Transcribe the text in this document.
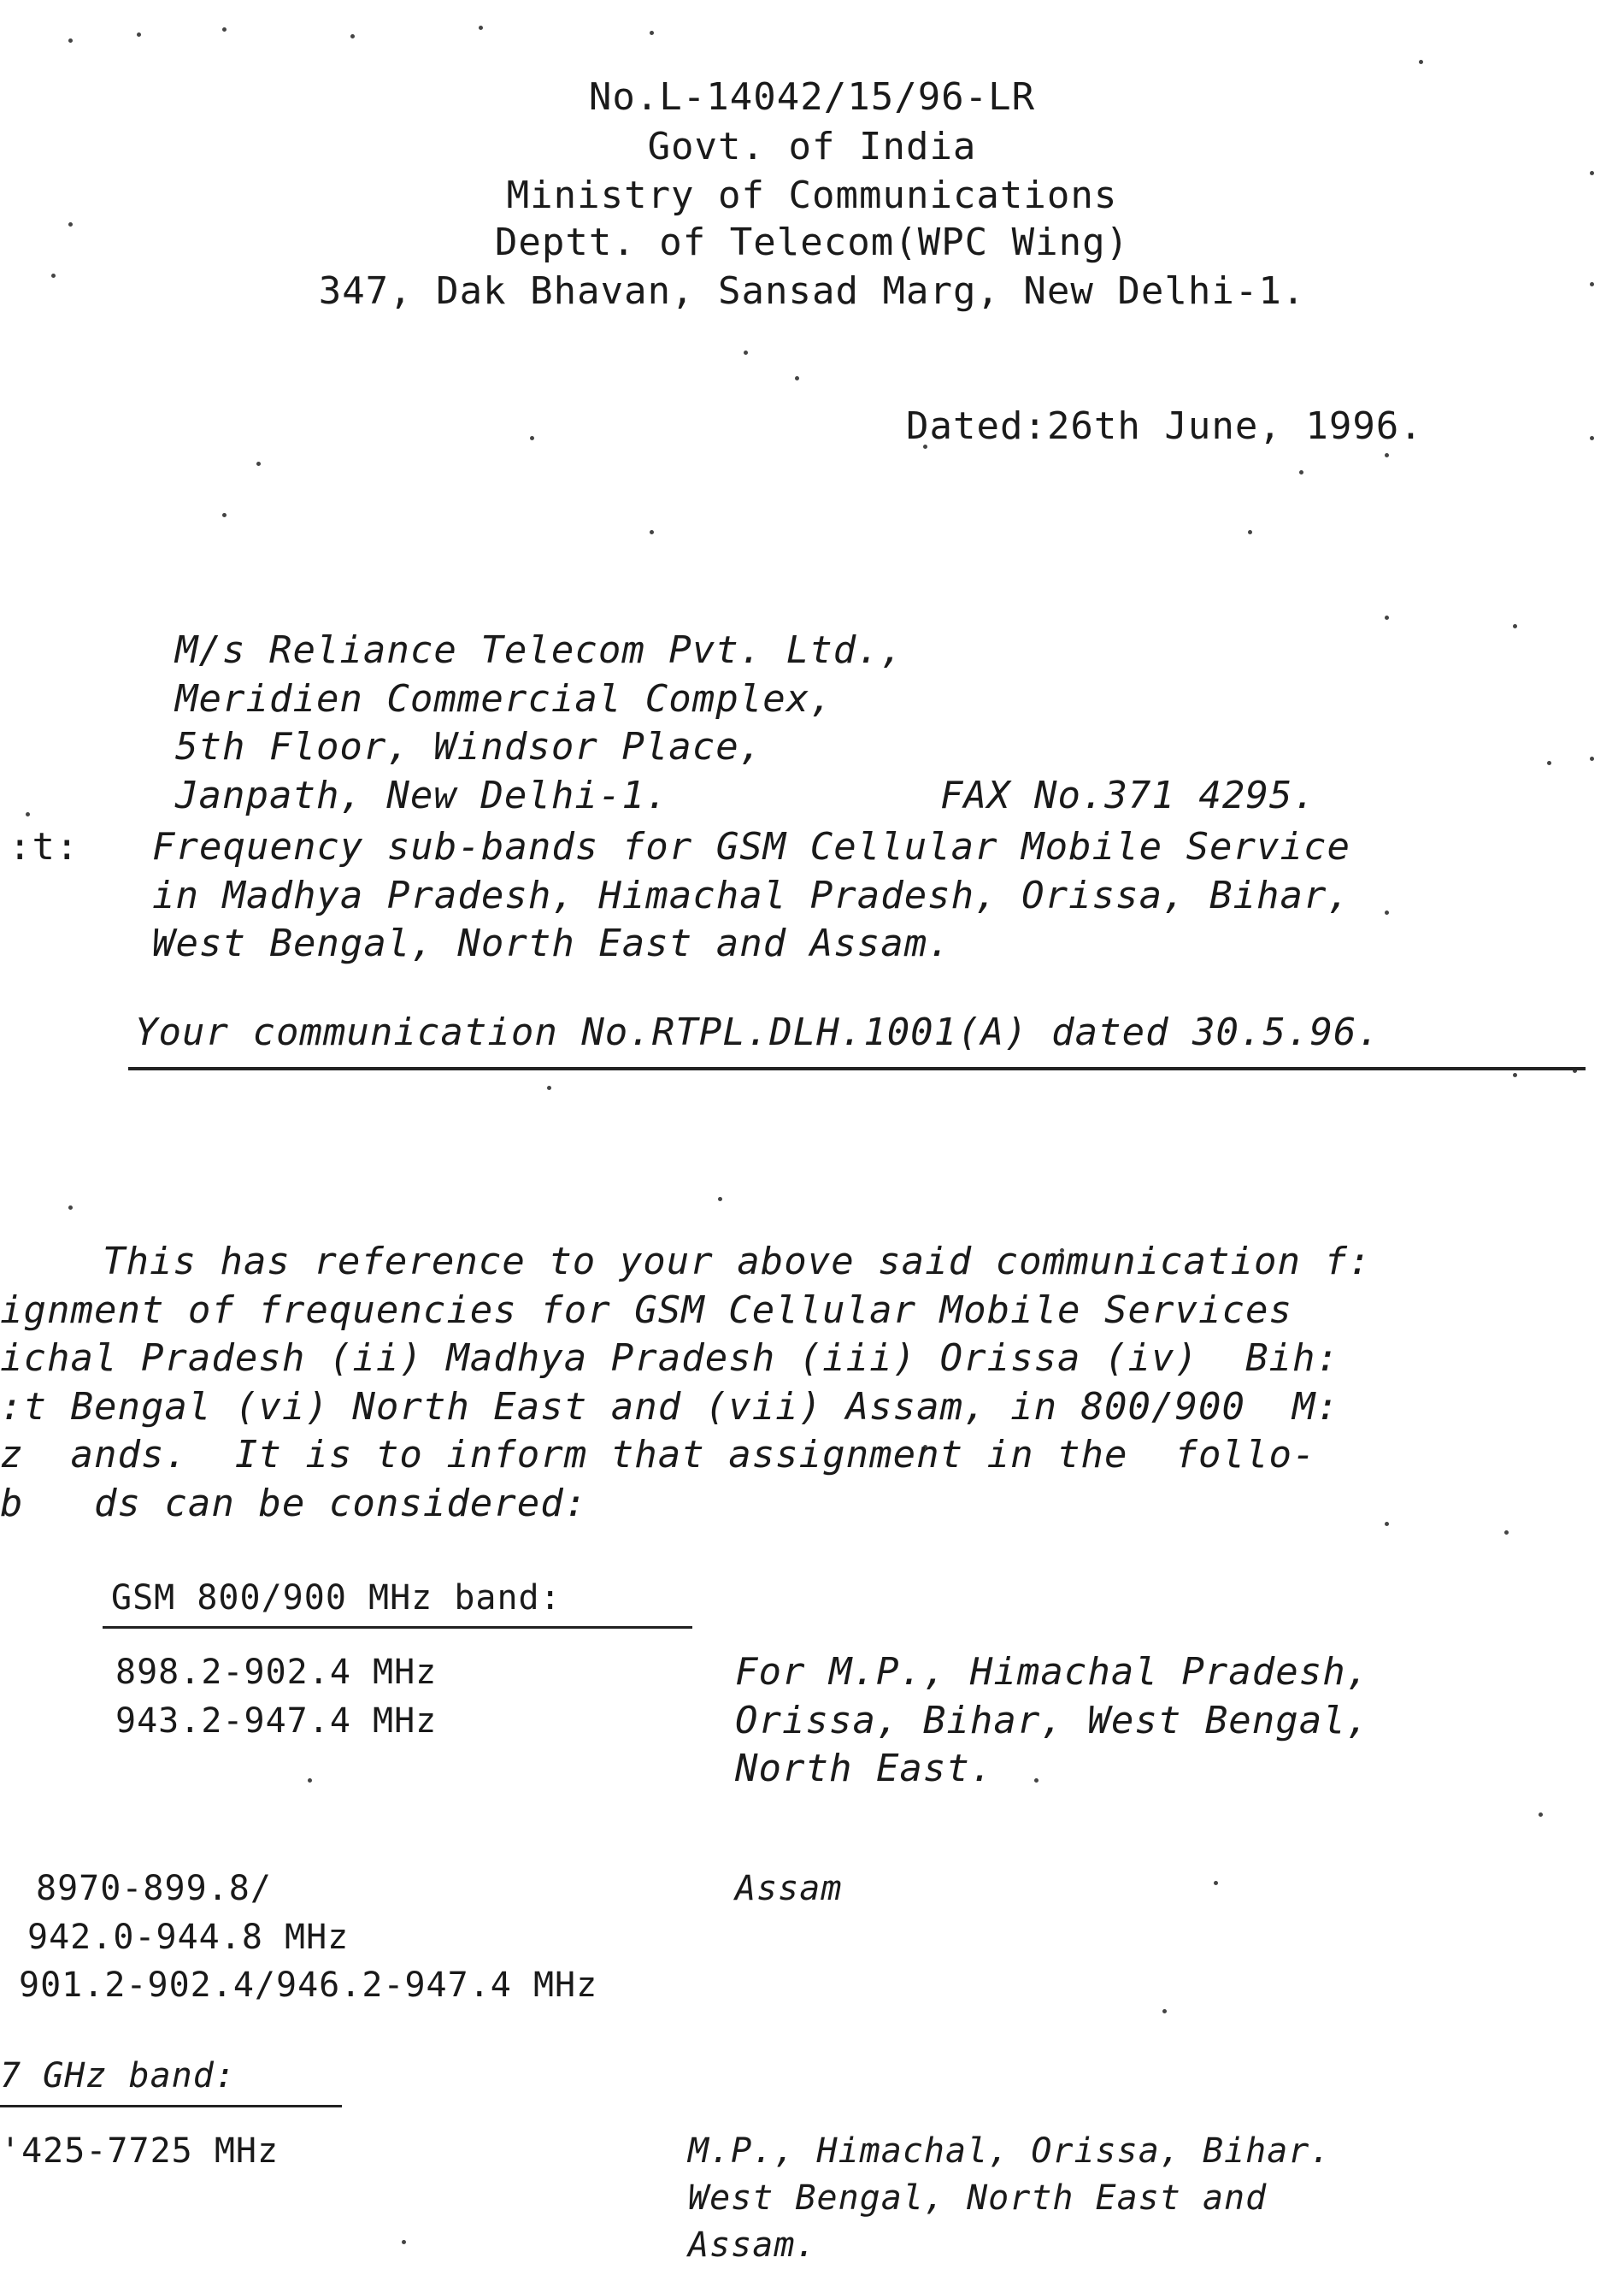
No.L-14042/15/96-LR
Govt. of India
Ministry of Communications
Deptt. of Telecom(WPC Wing)
347, Dak Bhavan, Sansad Marg, New Delhi-1.
Dated:26th June, 1996.
M/s Reliance Telecom Pvt. Ltd.,
Meridien Commercial Complex,
5th Floor, Windsor Place,
Janpath, New Delhi-1.	FAX No.371 4295.
:t: Frequency sub-bands for GSM Cellular Mobile Service
in Madhya Pradesh, Himachal Pradesh, Orissa, Bihar,
West Bengal, North East and Assam.
Your communication No.RTPL.DLH.1001(A) dated 30.5.96.
This has reference to your above said communication f:
ignment of frequencies for GSM Cellular Mobile Services
ichal Pradesh (ii) Madhya Pradesh (iii) Orissa (iv)  Bih:
:t Bengal (vi) North East and (vii) Assam, in 800/900  M:
z  ands.  It is to inform that assignment in the  follo-
b   ds can be considered:
GSM 800/900 MHz band:
898.2-902.4 MHz
943.2-947.4 MHz
For M.P., Himachal Pradesh,
Orissa, Bihar, West Bengal,
North East.
8970-899.8/
942.0-944.8 MHz
901.2-902.4/946.2-947.4 MHz
Assam
7 GHz band:
'425-7725 MHz	M.P., Himachal, Orissa, Bihar.
West Bengal, North East and
Assam.
